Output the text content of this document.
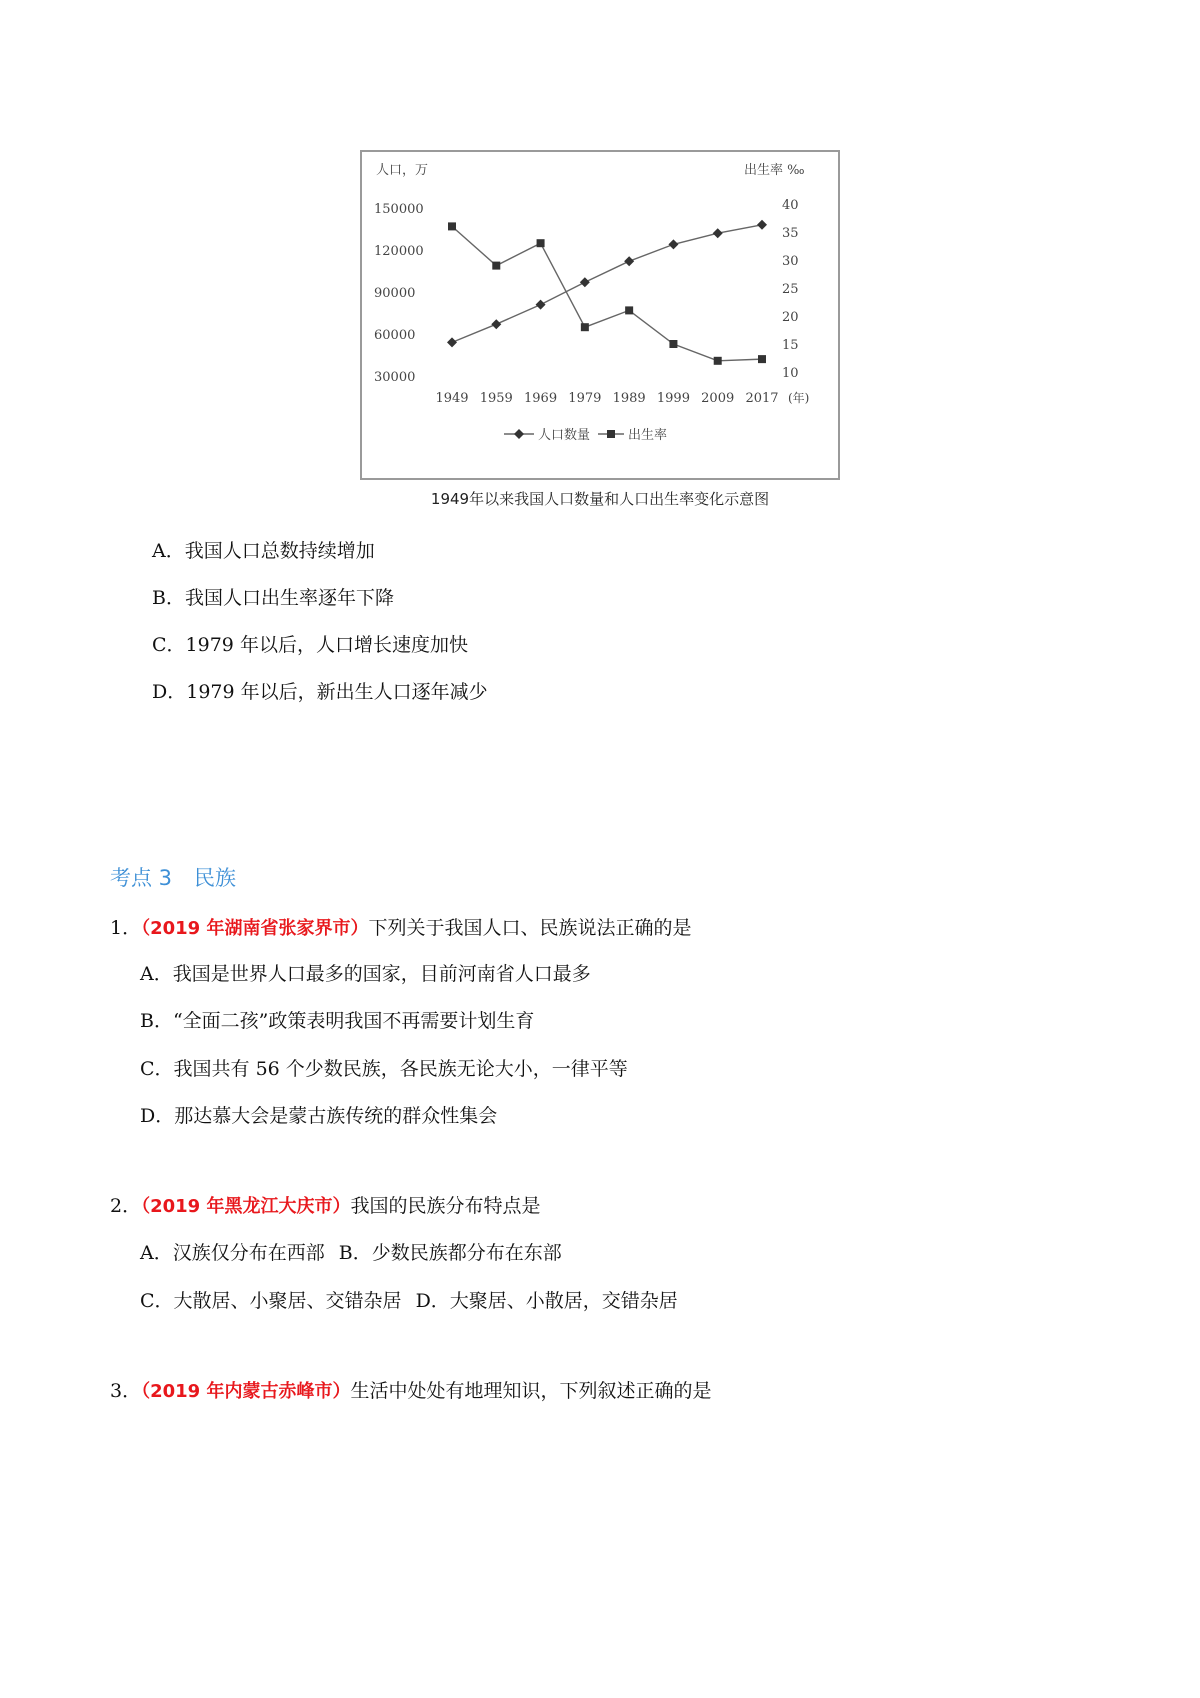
人口，万	出生率 ‰
30000
60000
90000
120000
150000
10
15
20
25
30
35
40
1949 1959 1969 1979 1989 1999 2009 2017 (年)
人口数量	出生率
1949年以来我国人口数量和人口出生率变化示意图
A．我国人口总数持续增加
B．我国人口出生率逐年下降
C．1979 年以后，人口增长速度加快
D．1979 年以后，新出生人口逐年减少
考点 3 民族
1．（2019 年湖南省张家界市）下列关于我国人口、民族说法正确的是
A．我国是世界人口最多的国家，目前河南省人口最多
B．“全面二孩”政策表明我国不再需要计划生育
C．我国共有 56 个少数民族，各民族无论大小，一律平等
D．那达慕大会是蒙古族传统的群众性集会
2．（2019 年黑龙江大庆市）我国的民族分布特点是
A．汉族仅分布在西部 B．少数民族都分布在东部
C．大散居、小聚居、交错杂居 D．大聚居、小散居，交错杂居
3．（2019 年内蒙古赤峰市）生活中处处有地理知识，下列叙述正确的是
